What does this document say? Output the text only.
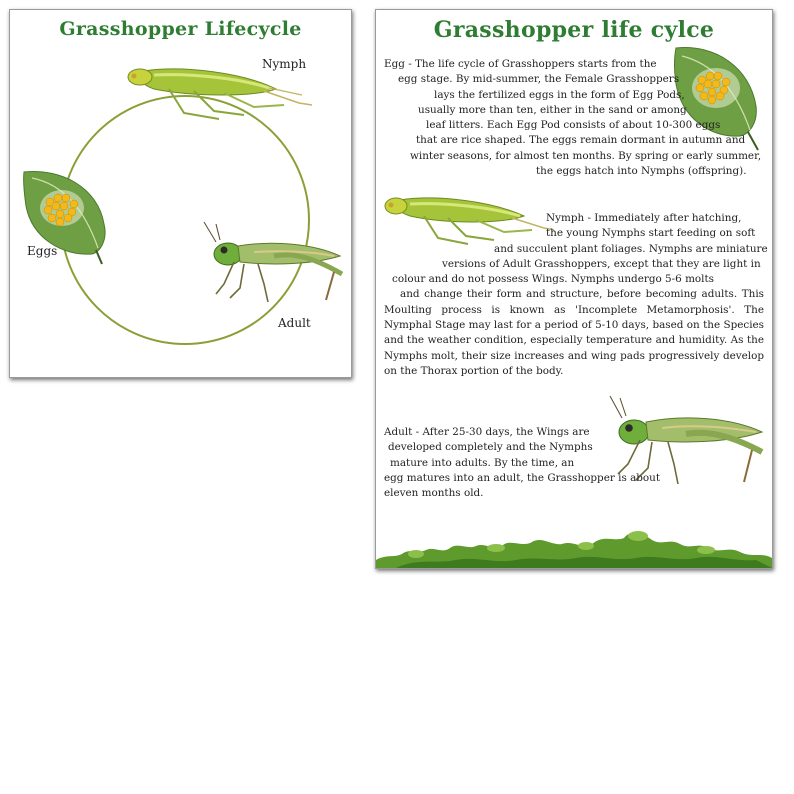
Grasshopper Lifecycle
Nymph
Eggs
Adult
Grasshopper life cylce

Egg - The life cycle of Grasshoppers starts from the
egg stage. By mid-summer, the Female Grasshoppers
lays the fertilized eggs in the form of Egg Pods,
usually more than ten, either in the sand or among
leaf litters. Each Egg Pod consists of about 10-300 eggs
that are rice shaped. The eggs remain dormant in autumn and
winter seasons, for almost ten months. By spring or early summer,
the eggs hatch into Nymphs (offspring).

Nymph - Immediately after hatching,
the young Nymphs start feeding on soft
and succulent plant foliages. Nymphs are miniature
versions of Adult Grasshoppers, except that they are light in
colour and do not possess Wings. Nymphs undergo 5-6 molts
and change their form and structure, before becoming adults. This
Moulting process is known as 'Incomplete Metamorphosis'. The
Nymphal Stage may last for a period of 5-10 days, based on the Species
and the weather condition, especially temperature and humidity. As the
Nymphs molt, their size increases and wing pads progressively develop
on the Thorax portion of the body.

Adult - After 25-30 days, the Wings are
developed completely and the Nymphs
mature into adults. By the time, an
egg matures into an adult, the Grasshopper is about
eleven months old.
